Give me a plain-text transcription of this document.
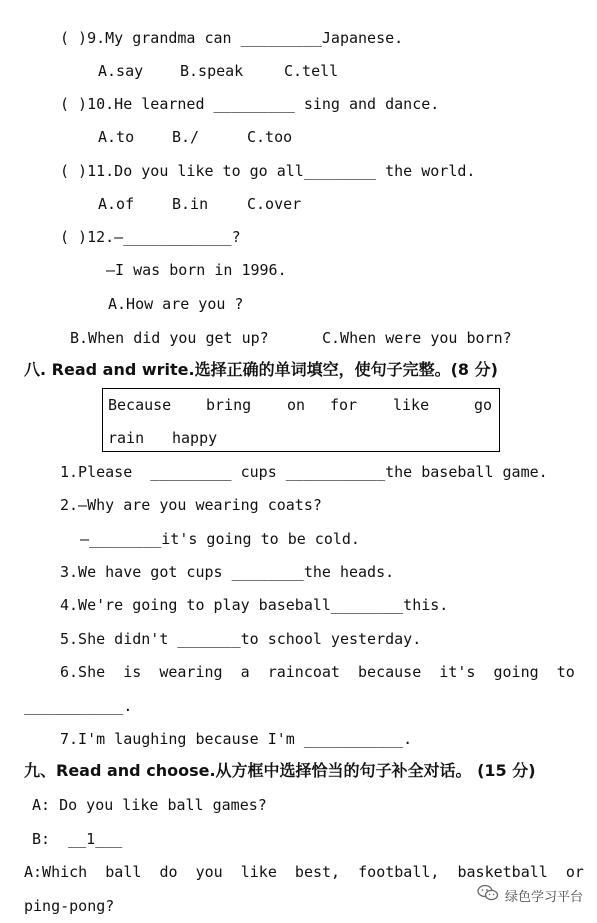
( )9.My grandma can _________Japanese.
A.say B.speak	C.tell
( )10.He learned _________ sing and dance.
A.to	B./	C.too
( )11.Do you like to go all________ the world.
A.of	B.in	C.over
( )12.—____________?
—I was born in 1996.
A.How are you ?
B.When did you get up?	C.When were you born?
八. Read and write.选择正确的单词填空，使句子完整。(8 分)
Because bring on for like	go
rain happy
1.Please  _________ cups ___________the baseball game.
2.—Why are you wearing coats?
—________it's going to be cold.
3.We have got cups ________the heads.
4.We're going to play baseball________this.
5.She didn't _______to school yesterday.
6.She  is  wearing  a  raincoat  because  it's  going  to
___________.
7.I'm laughing because I'm ___________.
九、Read and choose.从方框中选择恰当的句子补全对话。 (15 分)
A: Do you like ball games?
B:  __1___
A:Which  ball  do  you  like  best,  football,  basketball  or
ping-pong?	绿色学习平台
